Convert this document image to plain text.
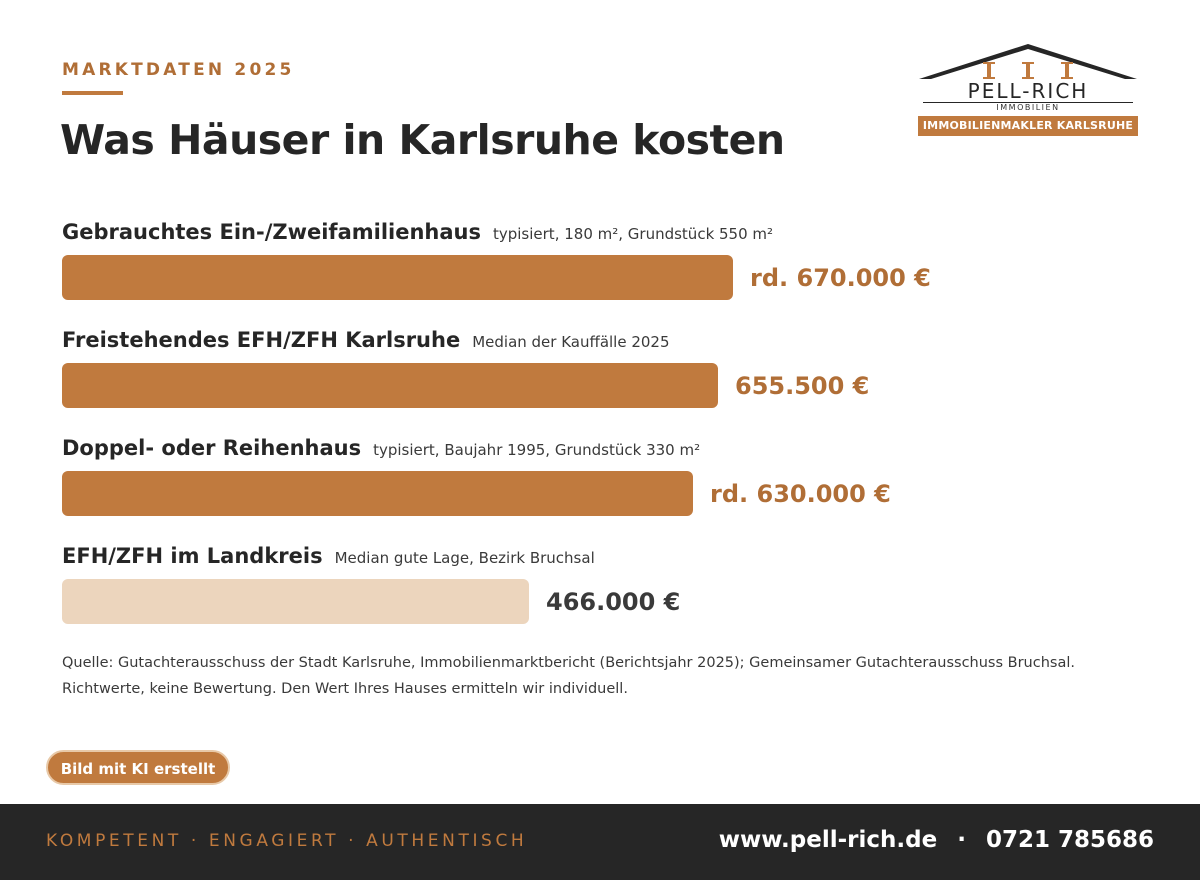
MARKTDATEN 2025
Was Häuser in Karlsruhe kosten
PELL-RICH
IMMOBILIEN
IMMOBILIENMAKLER KARLSRUHE
Gebrauchtes Ein-/Zweifamilienhaus typisiert, 180 m², Grundstück 550 m²
rd. 670.000 €
Freistehendes EFH/ZFH Karlsruhe Median der Kauffälle 2025
655.500 €
Doppel- oder Reihenhaus typisiert, Baujahr 1995, Grundstück 330 m²
rd. 630.000 €
EFH/ZFH im Landkreis Median gute Lage, Bezirk Bruchsal
466.000 €
Quelle: Gutachterausschuss der Stadt Karlsruhe, Immobilienmarktbericht (Berichtsjahr 2025); Gemeinsamer Gutachterausschuss Bruchsal.
Richtwerte, keine Bewertung. Den Wert Ihres Hauses ermitteln wir individuell.
Bild mit KI erstellt
KOMPETENT · ENGAGIERT · AUTHENTISCH	www.pell-rich.de · 0721 785686
